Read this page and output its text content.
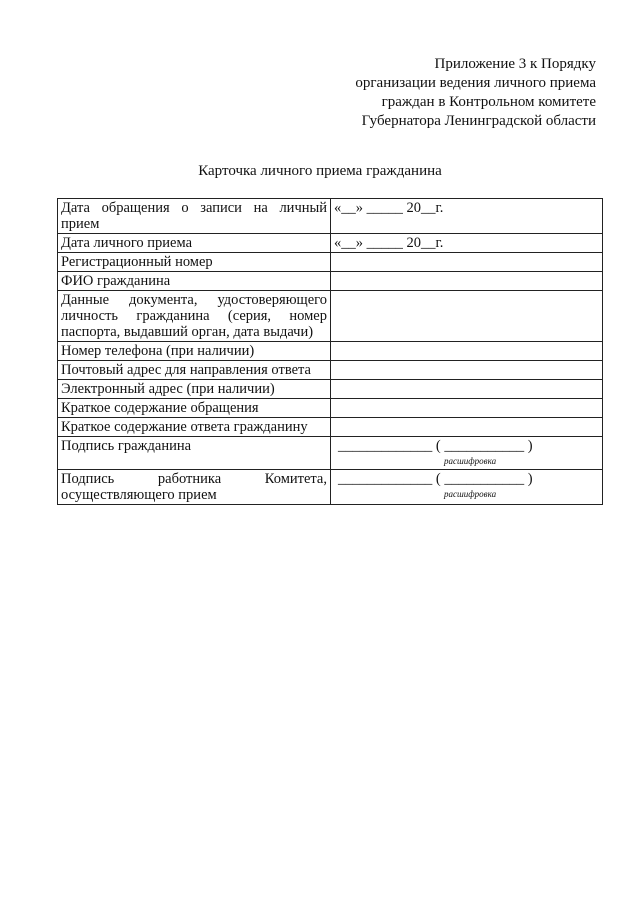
Приложение 3 к Порядку
организации ведения личного приема
граждан в Контрольном комитете
Губернатора Ленинградской области
Карточка личного приема гражданина
Дата обращения о записи на личный прием	«__» _____ 20__г.
Дата личного приема	«__» _____ 20__г.
Регистрационный номер	
ФИО гражданина	
Данные документа, удостоверяющего личность гражданина (серия, номер паспорта, выдавший орган, дата выдачи)	
Номер телефона (при наличии)	
Почтовый адрес для направления ответа	
Электронный адрес (при наличии)	
Краткое содержание обращения	
Краткое содержание ответа гражданину	
Подпись гражданина	_____________ ( ___________ )
расшифровка

Подпись работника Комитета, осуществляющего прием	_____________ ( ___________ )
расшифровка
